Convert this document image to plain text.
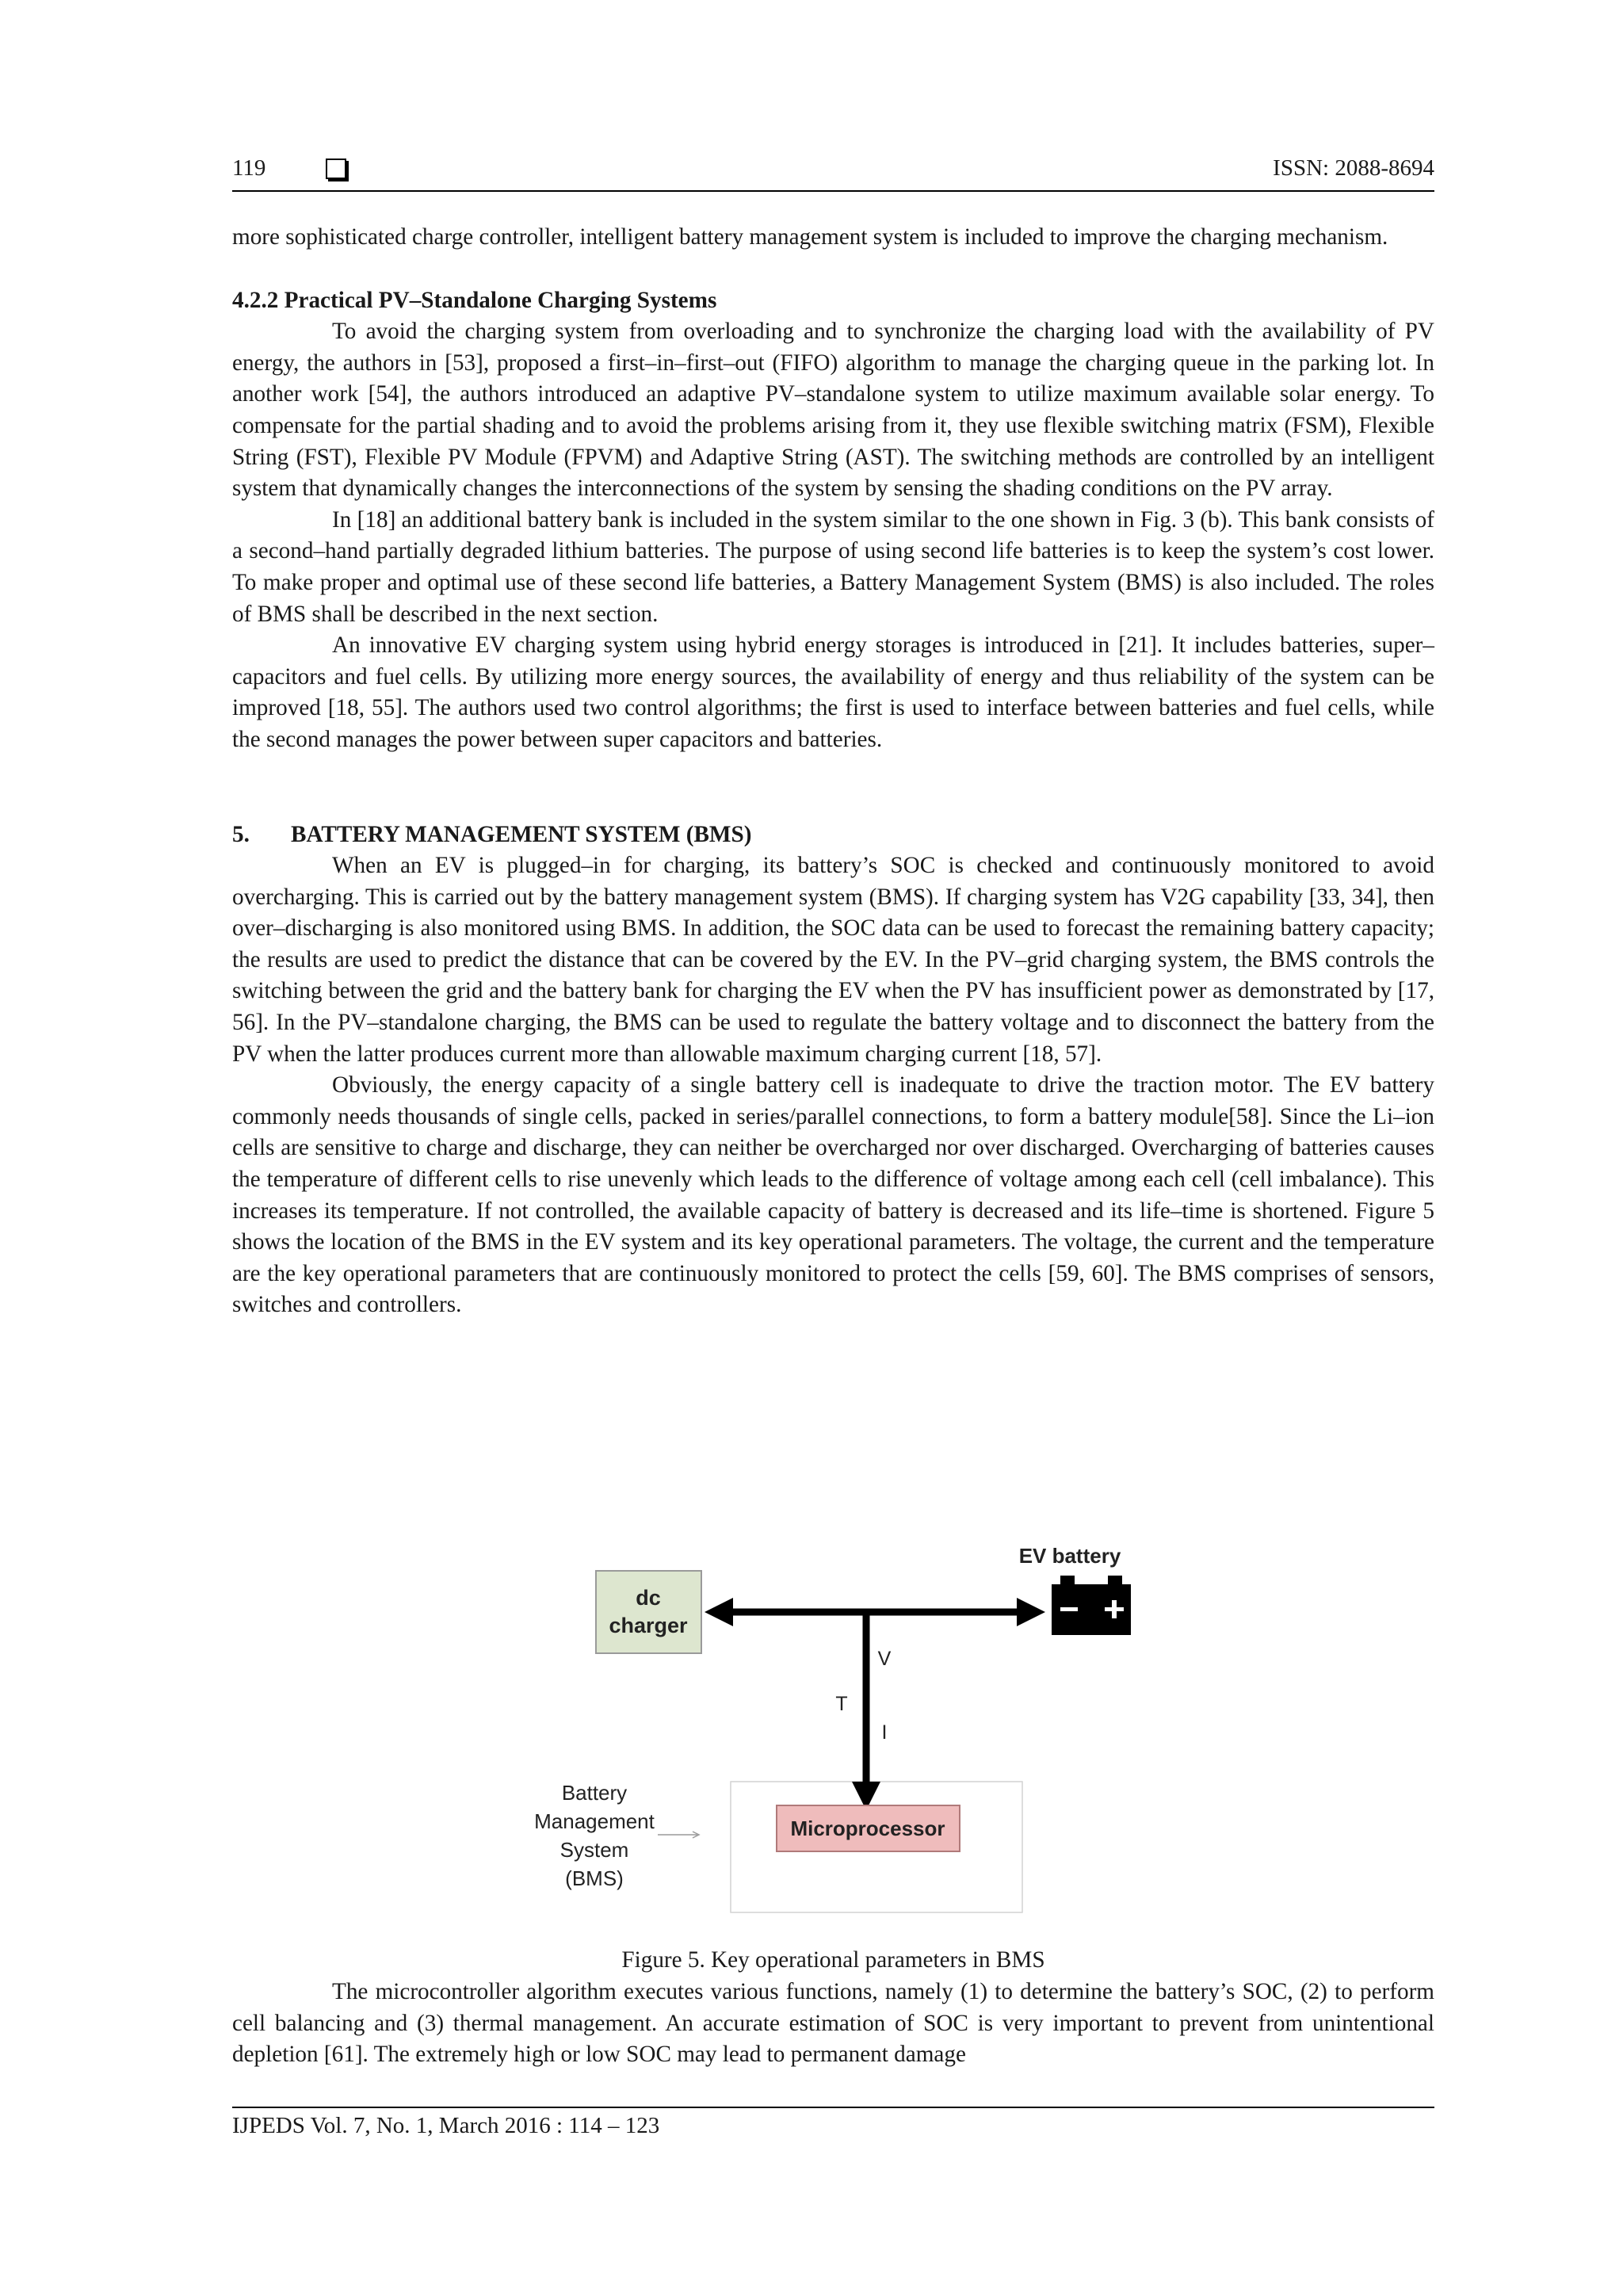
119	ISSN: 2088-8694

more sophisticated charge controller, intelligent battery management system is included to improve the charging mechanism.

4.2.2 Practical PV–Standalone Charging Systems

To avoid the charging system from overloading and to synchronize the charging load with the availability of PV energy, the authors in [53], proposed a first–in–first–out (FIFO) algorithm to manage the charging queue in the parking lot. In another work [54], the authors introduced an adaptive PV–standalone system to utilize maximum available solar energy. To compensate for the partial shading and to avoid the problems arising from it, they use flexible switching matrix (FSM), Flexible String (FST), Flexible PV Module (FPVM) and Adaptive String (AST). The switching methods are controlled by an intelligent system that dynamically changes the interconnections of the system by sensing the shading conditions on the PV array.

In [18] an additional battery bank is included in the system similar to the one shown in Fig. 3 (b). This bank consists of a second–hand partially degraded lithium batteries. The purpose of using second life batteries is to keep the system’s cost lower. To make proper and optimal use of these second life batteries, a Battery Management System (BMS) is also included. The roles of BMS shall be described in the next section.

An innovative EV charging system using hybrid energy storages is introduced in [21]. It includes batteries, super–capacitors and fuel cells. By utilizing more energy sources, the availability of energy and thus reliability of the system can be improved [18, 55]. The authors used two control algorithms; the first is used to interface between batteries and fuel cells, while the second manages the power between super capacitors and batteries.

5. BATTERY MANAGEMENT SYSTEM (BMS)

When an EV is plugged–in for charging, its battery’s SOC is checked and continuously monitored to avoid overcharging. This is carried out by the battery management system (BMS). If charging system has V2G capability [33, 34], then over–discharging is also monitored using BMS. In addition, the SOC data can be used to forecast the remaining battery capacity; the results are used to predict the distance that can be covered by the EV. In the PV–grid charging system, the BMS controls the switching between the grid and the battery bank for charging the EV when the PV has insufficient power as demonstrated by [17, 56]. In the PV–standalone charging, the BMS can be used to regulate the battery voltage and to disconnect the battery from the PV when the latter produces current more than allowable maximum charging current [18, 57].

Obviously, the energy capacity of a single battery cell is inadequate to drive the traction motor. The EV battery commonly needs thousands of single cells, packed in series/parallel connections, to form a battery module[58]. Since the Li–ion cells are sensitive to charge and discharge, they can neither be overcharged nor over discharged. Overcharging of batteries causes the temperature of different cells to rise unevenly which leads to the difference of voltage among each cell (cell imbalance). This increases its temperature. If not controlled, the available capacity of battery is decreased and its life–time is shortened. Figure 5 shows the location of the BMS in the EV system and its key operational parameters. The voltage, the current and the temperature are the key operational parameters that are continuously monitored to protect the cells [59, 60]. The BMS comprises of sensors, switches and controllers.

dc
charger
EV battery
V
T
I
Microprocessor
Battery
Management
System
(BMS)
Figure 5. Key operational parameters in BMS

The microcontroller algorithm executes various functions, namely (1) to determine the battery’s SOC, (2) to perform cell balancing and (3) thermal management. An accurate estimation of SOC is very important to prevent from unintentional depletion [61]. The extremely high or low SOC may lead to permanent damage

IJPEDS Vol. 7, No. 1, March 2016 : 114 – 123
